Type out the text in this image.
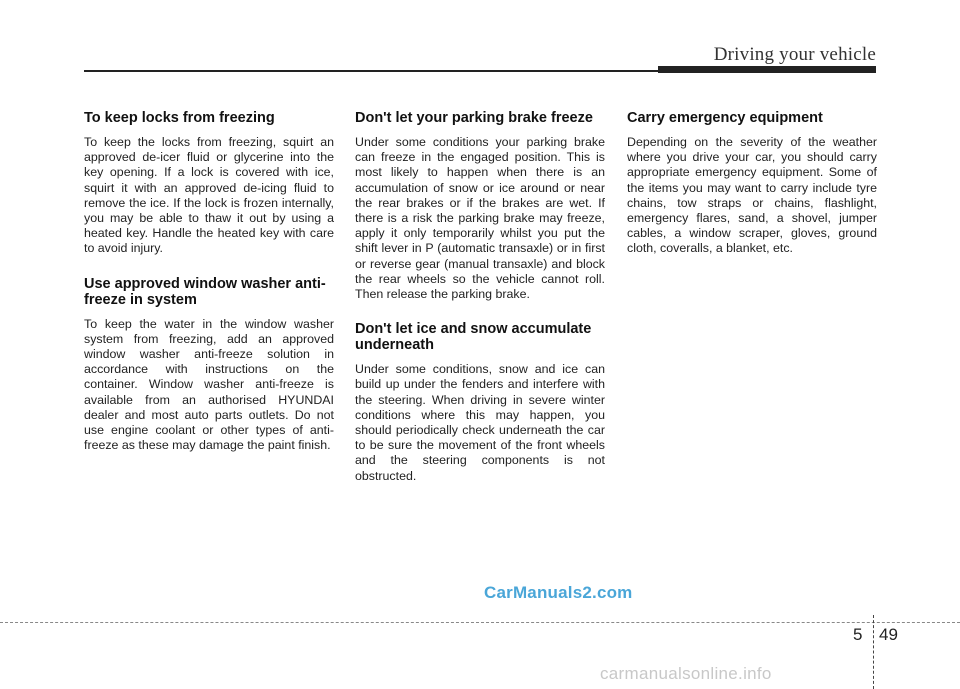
Driving your vehicle
To keep locks from freezing

To keep the locks from freezing, squirt an approved de-icer fluid or glycerine into the key opening. If a lock is covered with ice, squirt it with an approved de-icing fluid to remove the ice. If the lock is frozen internally, you may be able to thaw it out by using a heated key. Handle the heated key with care to avoid injury.

Use approved window washer anti-freeze in system

To keep the water in the window washer system from freezing, add an approved window washer anti-freeze solution in accordance with instructions on the container. Window washer anti-freeze is available from an authorised HYUNDAI dealer and most auto parts outlets. Do not use engine coolant or other types of anti-freeze as these may damage the paint finish.

Don't let your parking brake freeze

Under some conditions your parking brake can freeze in the engaged position. This is most likely to happen when there is an accumulation of snow or ice around or near the rear brakes or if the brakes are wet. If there is a risk the parking brake may freeze, apply it only temporarily whilst you put the shift lever in P (automatic transaxle) or in first or reverse gear (manual transaxle) and block the rear wheels so the vehicle cannot roll. Then release the parking brake.

Don't let ice and snow accumulate underneath

Under some conditions, snow and ice can build up under the fenders and interfere with the steering. When driving in severe winter conditions where this may happen, you should periodically check underneath the car to be sure the movement of the front wheels and the steering components is not obstructed.

Carry emergency equipment

Depending on the severity of the weather where you drive your car, you should carry appropriate emergency equipment. Some of the items you may want to carry include tyre chains, tow straps or chains, flashlight, emergency flares, sand, a shovel, jumper cables, a window scraper, gloves, ground cloth, coveralls, a blanket, etc.

CarManuals2.com
5 49
carmanualsonline.info
